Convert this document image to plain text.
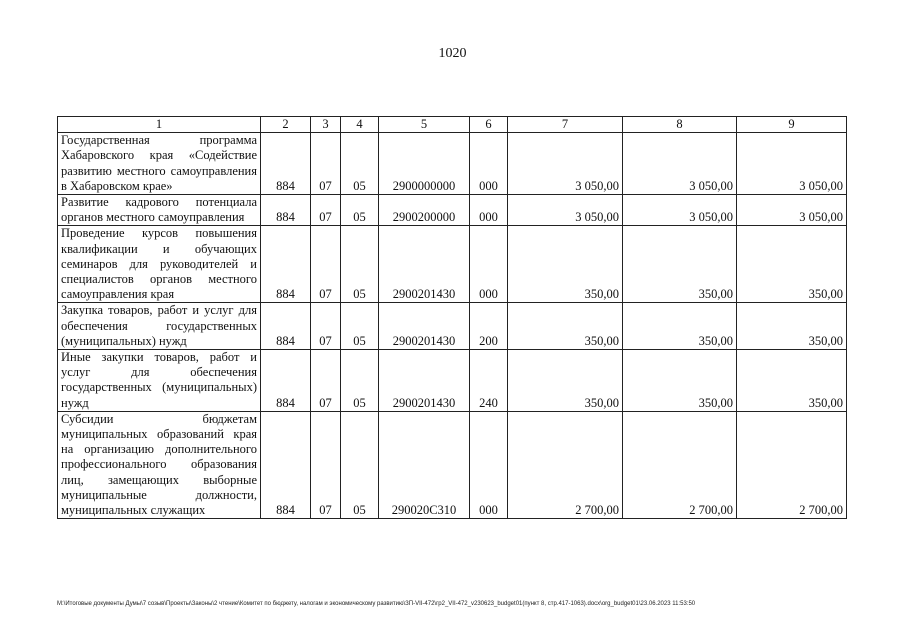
1020
1	2	3	4	5	6	7	8	9
Государственная программа Хабаровского края «Содействие развитию местного самоуправления в Хабаровском крае»	884	07	05	2900000000	000	3 050,00	3 050,00	3 050,00
Развитие кадрового потенциала органов местного самоуправления	884	07	05	2900200000	000	3 050,00	3 050,00	3 050,00
Проведение курсов повышения квалификации и обучающих семинаров для руководителей и специалистов органов местного самоуправления края	884	07	05	2900201430	000	350,00	350,00	350,00
Закупка товаров, работ и услуг для обеспечения государственных (муниципальных) нужд	884	07	05	2900201430	200	350,00	350,00	350,00
Иные закупки товаров, работ и услуг для обеспечения государственных (муниципальных) нужд	884	07	05	2900201430	240	350,00	350,00	350,00
Субсидии бюджетам муниципальных образований края на организацию дополнительного профессионального образования лиц, замещающих выборные муниципальные должности, муниципальных служащих	884	07	05	290020С310	000	2 700,00	2 700,00	2 700,00
M:\Итоговые документы Думы\7 созыв\Проекты\Законы\2 чтение\Комитет по бюджету, налогам и экономическому развитию\ЗП-VII-472\гр2_VII-472_v230623_budget01(пункт 8, стр.417-1063).docx\org_budget01\23.06.2023 11:53:50
